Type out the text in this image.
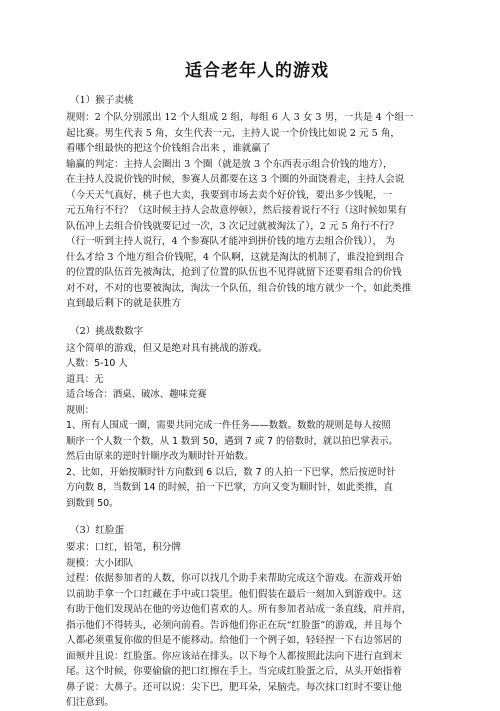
适合老年人的游戏

（1）猴子卖桃

规则：2 个队分别派出 12 个人组成 2 组，每组 6 人 3 女 3 男，一共是 4 个组一

起比赛。男生代表 5 角，女生代表一元，主持人说一个价钱比如说 2 元 5 角，

看哪个组最快的把这个价钱组合出来 ，谁就赢了

输赢的判定：主持人会圈出 3 个圈（就是放 3 个东西表示组合价钱的地方），

在主持人没说价钱的时候，参赛人员都要在这 3 个圈的外面饶着走，主持人会说

（今天天气真好，桃子也大卖，我要到市场去卖个好价钱，要出多少钱呢，一

元五角行不行？（这时候主持人会故意停顿），然后接着说行不行（这时候如果有

队伍冲上去组合价钱就要记过一次，3 次记过就被淘汰了），2 元 5 角行不行？

（行一听到主持人说行，4 个参赛队才能冲到拼价钱的地方去组合价钱））， 为

什么才给 3 个地方组合价钱呢，4 个队啊，这就是淘汰的机制了，谁没抢到组合

的位置的队伍首先被淘汰，抢到了位置的队伍也不见得就留下还要看组合的价钱

对不对，不对的也要被淘汰，淘汰一个队伍，组合价钱的地方就少一个，如此类推

直到最后剩下的就是获胜方

（2）挑战数数字

这个简单的游戏，但又是绝对具有挑战的游戏。

人数：5-10 人

道具：无

适合场合：酒桌、破冰、趣味竞赛

规则：

1、所有人围成一圈，需要共同完成一件任务——数数。数数的规则是每人按照

顺序一个人数一个数，从 1 数到 50，遇到 7 或 7 的倍数时，就以拍巴掌表示。

然后由原来的逆时针顺序改为顺时针开始数。

2、比如，开始按顺时针方向数到 6 以后，数 7 的人拍一下巴掌，然后按逆时针

方向数 8，当数到 14 的时候，拍一下巴掌，方向又变为顺时针，如此类推，直

到数到 50。

（3）红脸蛋

要求：口红，铅笔，积分牌

规模：大小团队

过程：依据参加者的人数，你可以找几个助手来帮助完成这个游戏。在游戏开始

以前助手拿一个口红藏在手中或口袋里。他们假装在最后一刻加入到游戏中。这

有助于他们发现站在他的旁边他们喜欢的人。所有参加者站成一条直线，肩并肩，

指示他们不得转头，必须向前看。告诉他们你正在玩“红脸蛋”的游戏，并且每个

人都必须重复你做的但是不能移动。给他们一个例子如，轻轻捏一下右边邻居的

面颊并且说：红脸蛋。你应该站在排头。以下每个人都按照此法向下进行直到末

尾。这个时候，你要偷偷的把口红擦在手上。当完成红脸蛋之后，从头开始指着

鼻子说：大鼻子。还可以说：尖下巴，肥耳朵，呆脑壳。每次抹口红时不要让他

们注意到。
